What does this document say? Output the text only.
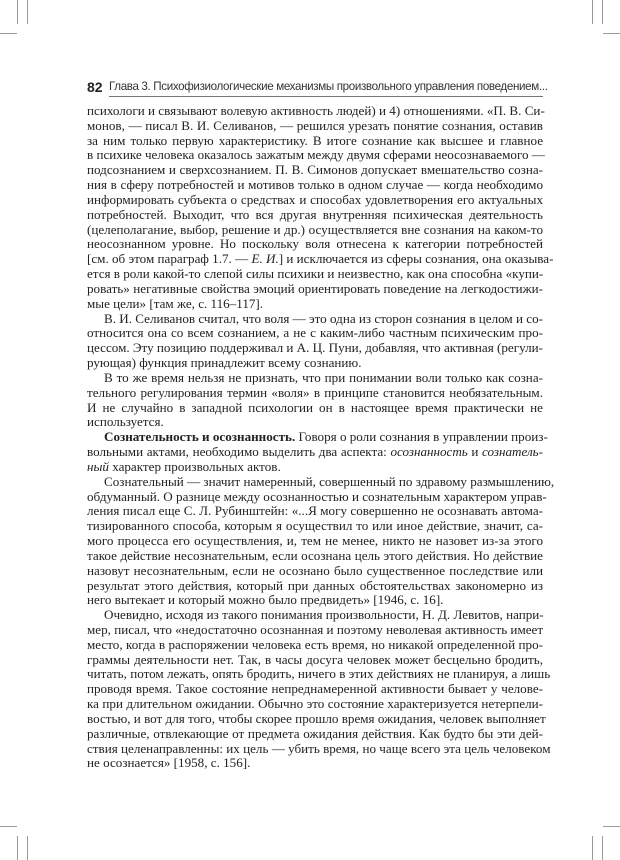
82 Глава 3. Психофизиологические механизмы произвольного управления поведением...
психологи и связывают волевую активность людей) и 4) отношениями. «П. В. Си-
монов, — писал В. И. Селиванов, — решился урезать понятие сознания, оставив
за ним только первую характеристику. В итоге сознание как высшее и главное
в психике человека оказалось зажатым между двумя сферами неосознаваемого —
подсознанием и сверхсознанием. П. В. Симонов допускает вмешательство созна-
ния в сферу потребностей и мотивов только в одном случае — когда необходимо
информировать субъекта о средствах и способах удовлетворения его актуальных
потребностей. Выходит, что вся другая внутренняя психическая деятельность
(целеполагание, выбор, решение и др.) осуществляется вне сознания на каком-то
неосознанном уровне. Но поскольку воля отнесена к категории потребностей
[см. об этом параграф 1.7. — Е. И.] и исключается из сферы сознания, она оказыва-
ется в роли какой-то слепой силы психики и неизвестно, как она способна «купи-
ровать» негативные свойства эмоций ориентировать поведение на легкодостижи-
мые цели» [там же, с. 116–117].
В. И. Селиванов считал, что воля — это одна из сторон сознания в целом и со-
относится она со всем сознанием, а не с каким-либо частным психическим про-
цессом. Эту позицию поддерживал и А. Ц. Пуни, добавляя, что активная (регули-
рующая) функция принадлежит всему сознанию.
В то же время нельзя не признать, что при понимании воли только как созна-
тельного регулирования термин «воля» в принципе становится необязательным.
И не случайно в западной психологии он в настоящее время практически не
используется.
Сознательность и осознанность. Говоря о роли сознания в управлении произ-
вольными актами, необходимо выделить два аспекта: осознанность и сознатель-
ный характер произвольных актов.
Сознательный — значит намеренный, совершенный по здравому размышлению,
обдуманный. О разнице между осознанностью и сознательным характером управ-
ления писал еще С. Л. Рубинштейн: «...Я могу совершенно не осознавать автома-
тизированного способа, которым я осуществил то или иное действие, значит, са-
мого процесса его осуществления, и, тем не менее, никто не назовет из-за этого
такое действие несознательным, если осознана цель этого действия. Но действие
назовут несознательным, если не осознано было существенное последствие или
результат этого действия, который при данных обстоятельствах закономерно из
него вытекает и который можно было предвидеть» [1946, с. 16].
Очевидно, исходя из такого понимания произвольности, Н. Д. Левитов, напри-
мер, писал, что «недостаточно осознанная и поэтому неволевая активность имеет
место, когда в распоряжении человека есть время, но никакой определенной про-
граммы деятельности нет. Так, в часы досуга человек может бесцельно бродить,
читать, потом лежать, опять бродить, ничего в этих действиях не планируя, а лишь
проводя время. Такое состояние непреднамеренной активности бывает у челове-
ка при длительном ожидании. Обычно это состояние характеризуется нетерпели-
востью, и вот для того, чтобы скорее прошло время ожидания, человек выполняет
различные, отвлекающие от предмета ожидания действия. Как будто бы эти дей-
ствия целенаправленны: их цель — убить время, но чаще всего эта цель человеком
не осознается» [1958, с. 156].
